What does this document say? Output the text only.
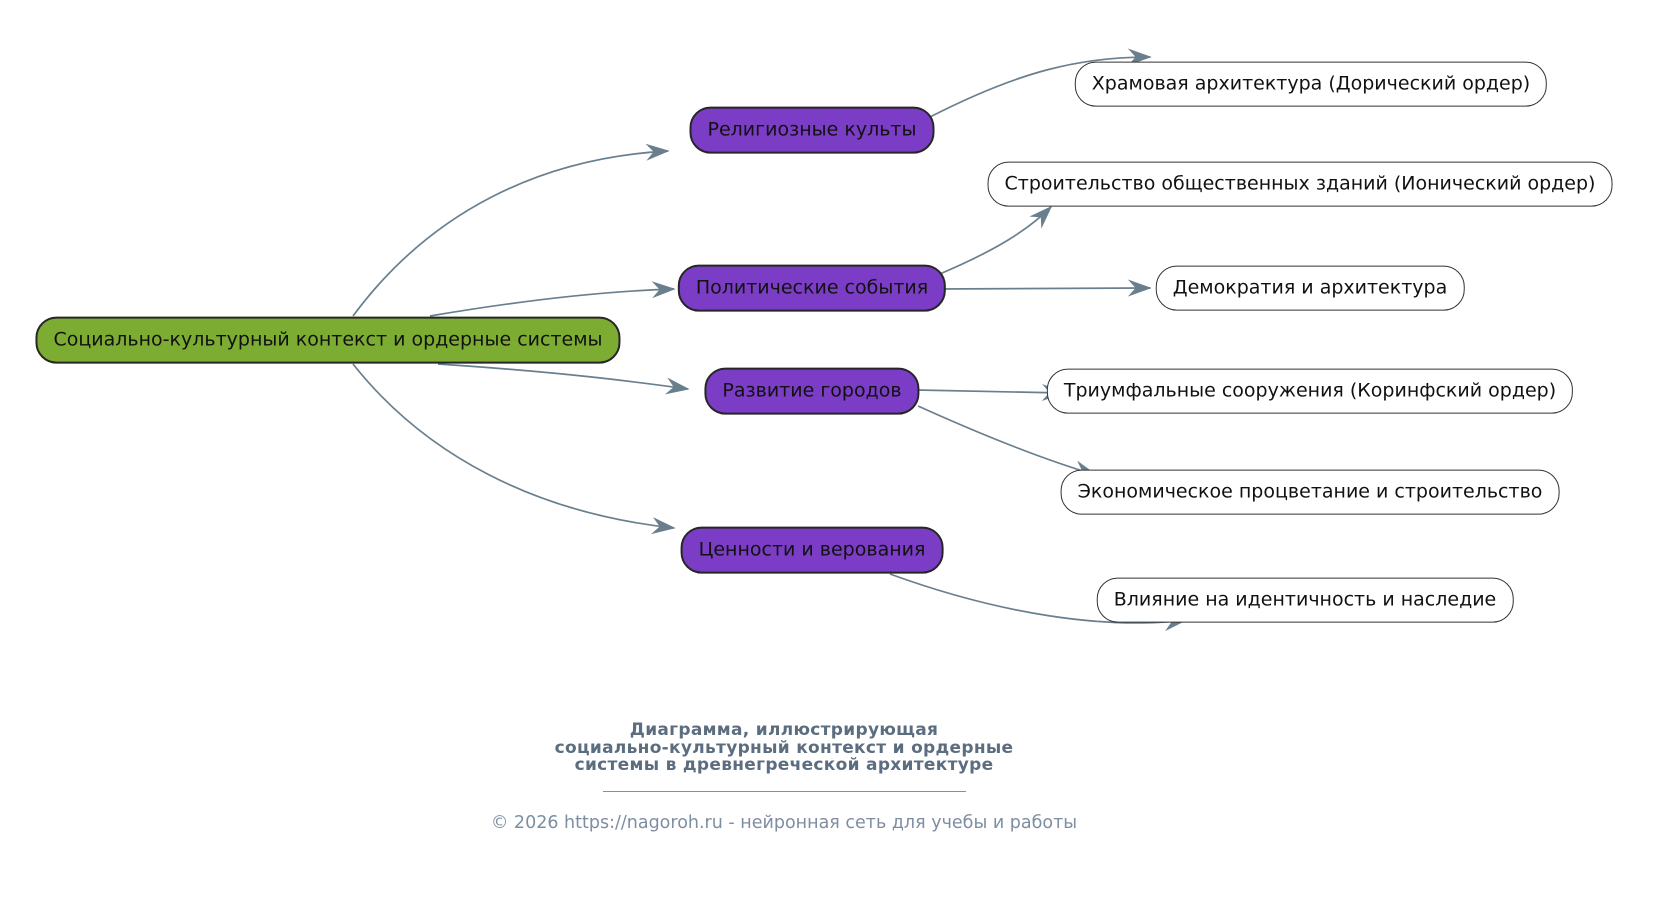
Социально-культурный контекст и ордерные системы
Религиозные культы
Политические события
Развитие городов
Ценности и верования
Храмовая архитектура (Дорический ордер)
Строительство общественных зданий (Ионический ордер)
Демократия и архитектура
Триумфальные сооружения (Коринфский ордер)
Экономическое процветание и строительство
Влияние на идентичность и наследие
Диаграмма, иллюстрирующая
социально-культурный контекст и ордерные
системы в древнегреческой архитектуре
© 2026 https://nagoroh.ru - нейронная сеть для учебы и работы
